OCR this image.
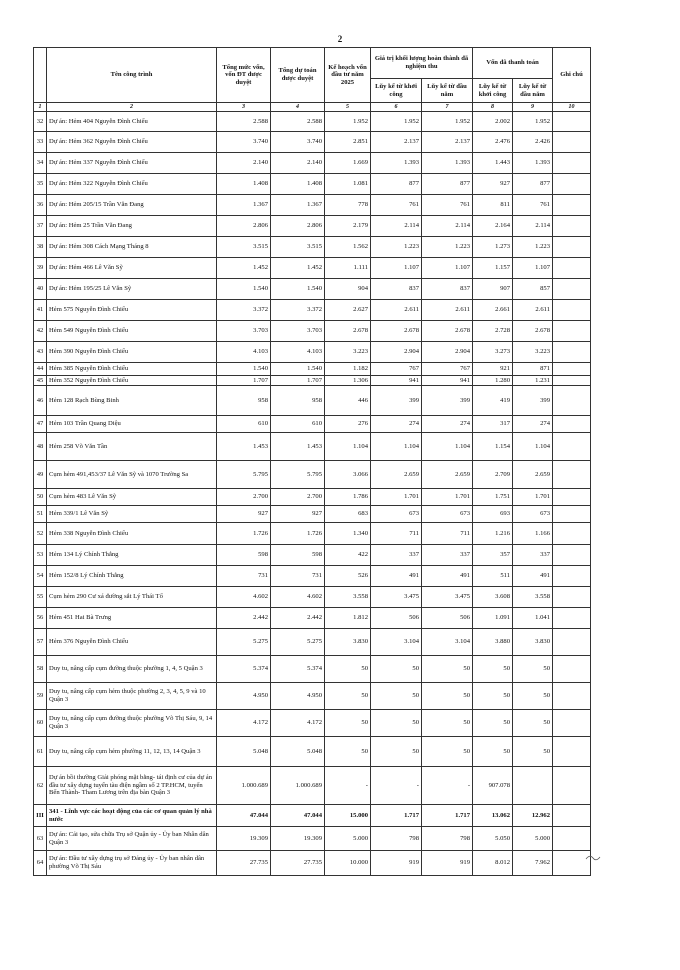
2
	Tên công trình	Tổng mức vốn, vốn ĐT được duyệt	Tổng dự toán được duyệt	Kế hoạch vốn đầu tư năm 2025	Giá trị khối lượng hoàn thành đã nghiệm thu		Vốn đã thanh toán		Ghi chú
					Lũy kế từ khởi công	Lũy kế từ đầu năm	Lũy kế từ khởi công	Lũy kế từ đầu năm	
1	2	3	4	5	6	7	8	9	10
32	Dự án: Hẻm 404 Nguyễn Đình Chiểu	2.588	2.588	1.952	1.952	1.952	2.002	1.952	
33	Dự án: Hẻm 362 Nguyễn Đình Chiểu	3.740	3.740	2.851	2.137	2.137	2.476	2.426	
34	Dự án: Hẻm 337 Nguyễn Đình Chiểu	2.140	2.140	1.669	1.393	1.393	1.443	1.393	
35	Dự án: Hẻm 322 Nguyễn Đình Chiểu	1.408	1.408	1.081	877	877	927	877	
36	Dự án: Hẻm 205/15 Trần Văn Đang	1.367	1.367	778	761	761	811	761	
37	Dự án: Hẻm 25 Trần Văn Đang	2.806	2.806	2.179	2.114	2.114	2.164	2.114	
38	Dự án: Hẻm 308 Cách Mạng Tháng 8	3.515	3.515	1.562	1.223	1.223	1.273	1.223	
39	Dự án: Hẻm 466 Lê Văn Sỹ	1.452	1.452	1.111	1.107	1.107	1.157	1.107	
40	Dự án: Hẻm 195/25 Lê Văn Sỹ	1.540	1.540	904	837	837	907	857	
41	Hẻm 575 Nguyễn Đình Chiểu	3.372	3.372	2.627	2.611	2.611	2.661	2.611	
42	Hẻm 549 Nguyễn Đình Chiểu	3.703	3.703	2.678	2.678	2.678	2.728	2.678	
43	Hẻm 390 Nguyễn Đình Chiểu	4.103	4.103	3.223	2.904	2.904	3.273	3.223	
44	Hẻm 385 Nguyễn Đình Chiểu	1.540	1.540	1.182	767	767	921	871	
45	Hẻm 352 Nguyễn Đình Chiểu	1.707	1.707	1.306	941	941	1.280	1.231	
46	Hẻm 128 Rạch Bùng Binh	958	958	446	399	399	419	399	
47	Hẻm 103 Trần Quang Diệu	610	610	276	274	274	317	274	
48	Hẻm 258 Võ Văn Tần	1.453	1.453	1.104	1.104	1.104	1.154	1.104	
49	Cụm hẻm 491,453/37 Lê Văn Sỹ và 1070 Trường Sa	5.795	5.795	3.066	2.659	2.659	2.709	2.659	
50	Cụm hẻm 483 Lê Văn Sỹ	2.700	2.700	1.786	1.701	1.701	1.751	1.701	
51	Hẻm 339/1 Lê Văn Sỹ	927	927	683	673	673	693	673	
52	Hẻm 338 Nguyễn Đình Chiểu	1.726	1.726	1.340	711	711	1.216	1.166	
53	Hẻm 134 Lý Chính Thắng	598	598	422	337	337	357	337	
54	Hẻm 152/8 Lý Chính Thắng	731	731	526	491	491	511	491	
55	Cụm hẻm 290 Cư xá đường sắt Lý Thái Tổ	4.602	4.602	3.558	3.475	3.475	3.608	3.558	
56	Hẻm 451 Hai Bà Trưng	2.442	2.442	1.812	506	506	1.091	1.041	
57	Hẻm 376 Nguyễn Đình Chiểu	5.275	5.275	3.830	3.104	3.104	3.880	3.830	
58	Duy tu, nâng cấp cụm đường thuộc phường 1, 4, 5 Quận 3	5.374	5.374	50	50	50	50	50	
59	Duy tu, nâng cấp cụm hẻm thuộc phường 2, 3, 4, 5, 9 và 10 Quận 3	4.950	4.950	50	50	50	50	50	
60	Duy tu, nâng cấp cụm đường thuộc phường Võ Thị Sáu, 9, 14 Quận 3	4.172	4.172	50	50	50	50	50	
61	Duy tu, nâng cấp cụm hẻm phường 11, 12, 13, 14 Quận 3	5.048	5.048	50	50	50	50	50	
62	Dự án bồi thường Giải phóng mặt bằng- tái định cư của dự án đầu tư xây dựng tuyến tàu điện ngầm số 2 TP.HCM, tuyến Bến Thành- Tham Lương trên địa bàn Quận 3	1.000.689	1.000.689	-	-	-	907.078		
III	341 - Lĩnh vực các hoạt động của các cơ quan quản lý nhà nước	47.044	47.044	15.000	1.717	1.717	13.062	12.962	
63	Dự án: Cải tạo, sửa chữa Trụ sở Quận ủy - Ủy ban Nhân dân Quận 3	19.309	19.309	5.000	798	798	5.050	5.000	
64	Dự án: Đầu tư xây dựng trụ sở Đảng ủy - Ủy ban nhân dân phường Võ Thị Sáu	27.735	27.735	10.000	919	919	8.012	7.962	
